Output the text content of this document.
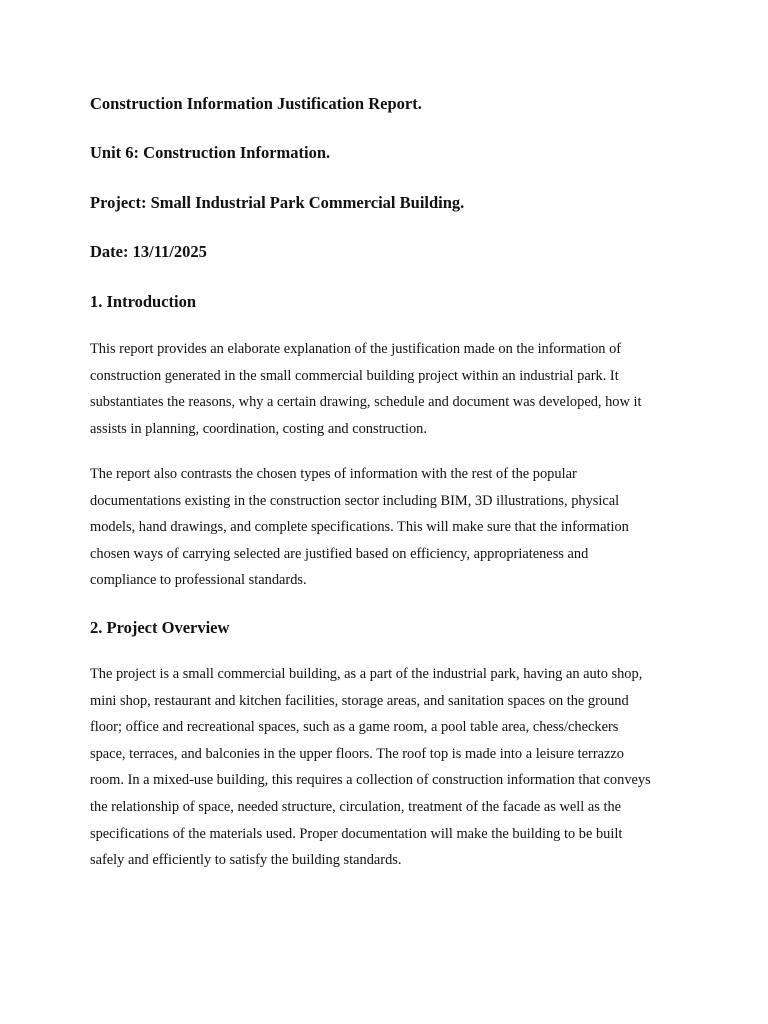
Construction Information Justification Report.
Unit 6: Construction Information.
Project: Small Industrial Park Commercial Building.
Date: 13/11/2025
1. Introduction
This report provides an elaborate explanation of the justification made on the information of
construction generated in the small commercial building project within an industrial park. It
substantiates the reasons, why a certain drawing, schedule and document was developed, how it
assists in planning, coordination, costing and construction.
The report also contrasts the chosen types of information with the rest of the popular
documentations existing in the construction sector including BIM, 3D illustrations, physical
models, hand drawings, and complete specifications. This will make sure that the information
chosen ways of carrying selected are justified based on efficiency, appropriateness and
compliance to professional standards.
2. Project Overview
The project is a small commercial building, as a part of the industrial park, having an auto shop,
mini shop, restaurant and kitchen facilities, storage areas, and sanitation spaces on the ground
floor; office and recreational spaces, such as a game room, a pool table area, chess/checkers
space, terraces, and balconies in the upper floors. The roof top is made into a leisure terrazzo
room. In a mixed-use building, this requires a collection of construction information that conveys
the relationship of space, needed structure, circulation, treatment of the facade as well as the
specifications of the materials used. Proper documentation will make the building to be built
safely and efficiently to satisfy the building standards.
